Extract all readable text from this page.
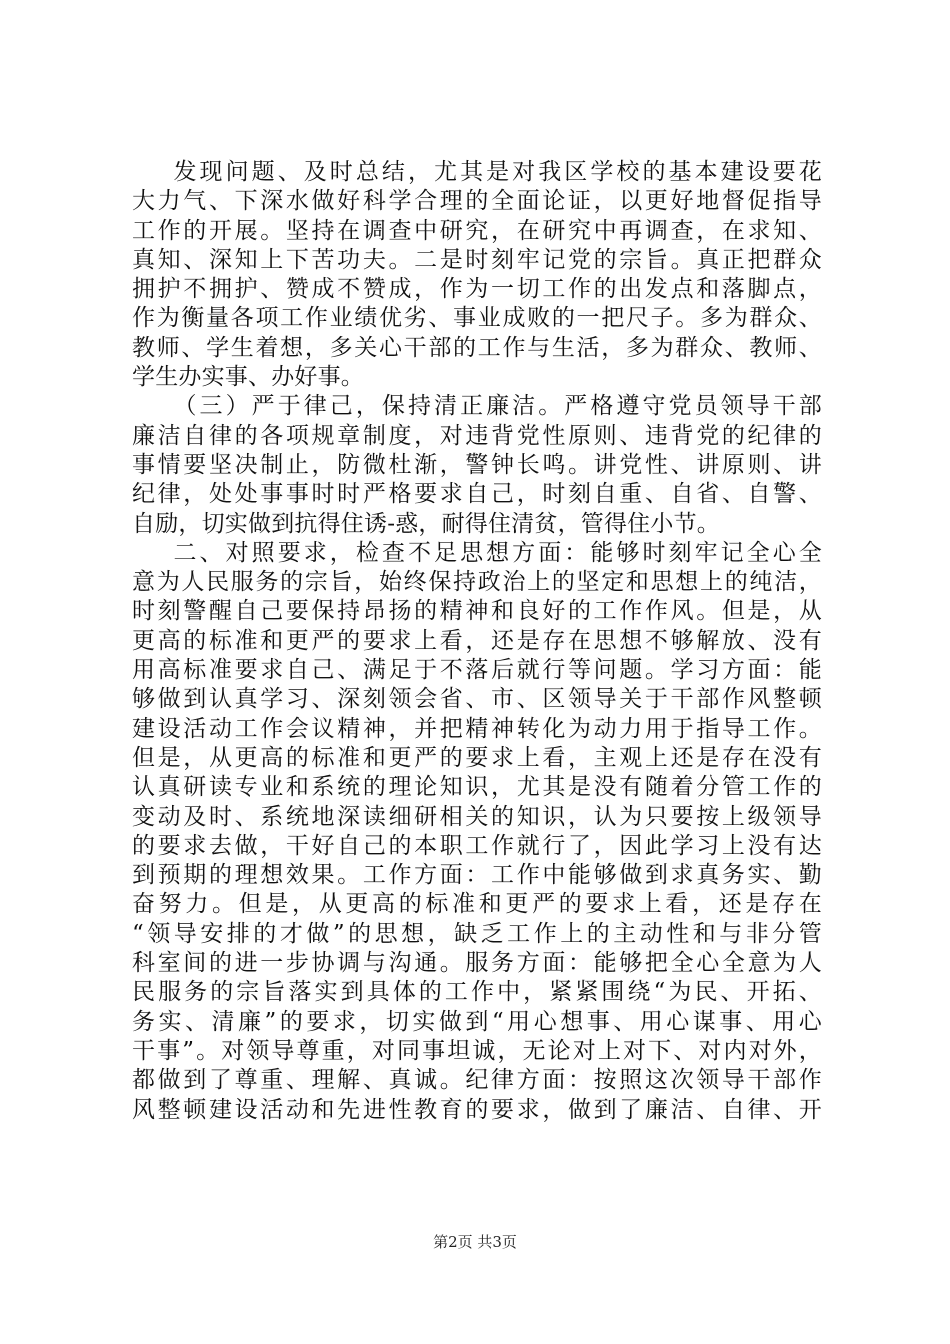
发现问题、及时总结，尤其是对我区学校的基本建设要花
大力气、下深水做好科学合理的全面论证，以更好地督促指导
工作的开展。坚持在调查中研究，在研究中再调查，在求知、
真知、深知上下苦功夫。二是时刻牢记党的宗旨。真正把群众
拥护不拥护、赞成不赞成，作为一切工作的出发点和落脚点，
作为衡量各项工作业绩优劣、事业成败的一把尺子。多为群众、
教师、学生着想，多关心干部的工作与生活，多为群众、教师、
学生办实事、办好事。
（三）严于律己，保持清正廉洁。严格遵守党员领导干部
廉洁自律的各项规章制度，对违背党性原则、违背党的纪律的
事情要坚决制止，防微杜渐，警钟长鸣。讲党性、讲原则、讲
纪律，处处事事时时严格要求自己，时刻自重、自省、自警、
自励，切实做到抗得住诱-惑，耐得住清贫，管得住小节。
二、对照要求，检查不足思想方面：能够时刻牢记全心全
意为人民服务的宗旨，始终保持政治上的坚定和思想上的纯洁，
时刻警醒自己要保持昂扬的精神和良好的工作作风。但是，从
更高的标准和更严的要求上看，还是存在思想不够解放、没有
用高标准要求自己、满足于不落后就行等问题。学习方面：能
够做到认真学习、深刻领会省、市、区领导关于干部作风整顿
建设活动工作会议精神，并把精神转化为动力用于指导工作。
但是，从更高的标准和更严的要求上看，主观上还是存在没有
认真研读专业和系统的理论知识，尤其是没有随着分管工作的
变动及时、系统地深读细研相关的知识，认为只要按上级领导
的要求去做，干好自己的本职工作就行了，因此学习上没有达
到预期的理想效果。工作方面：工作中能够做到求真务实、勤
奋努力。但是，从更高的标准和更严的要求上看，还是存在
“领导安排的才做”的思想，缺乏工作上的主动性和与非分管
科室间的进一步协调与沟通。服务方面：能够把全心全意为人
民服务的宗旨落实到具体的工作中，紧紧围绕“为民、开拓、
务实、清廉”的要求，切实做到“用心想事、用心谋事、用心
干事”。对领导尊重，对同事坦诚，无论对上对下、对内对外，
都做到了尊重、理解、真诚。纪律方面：按照这次领导干部作
风整顿建设活动和先进性教育的要求，做到了廉洁、自律、开
第2页 共3页
